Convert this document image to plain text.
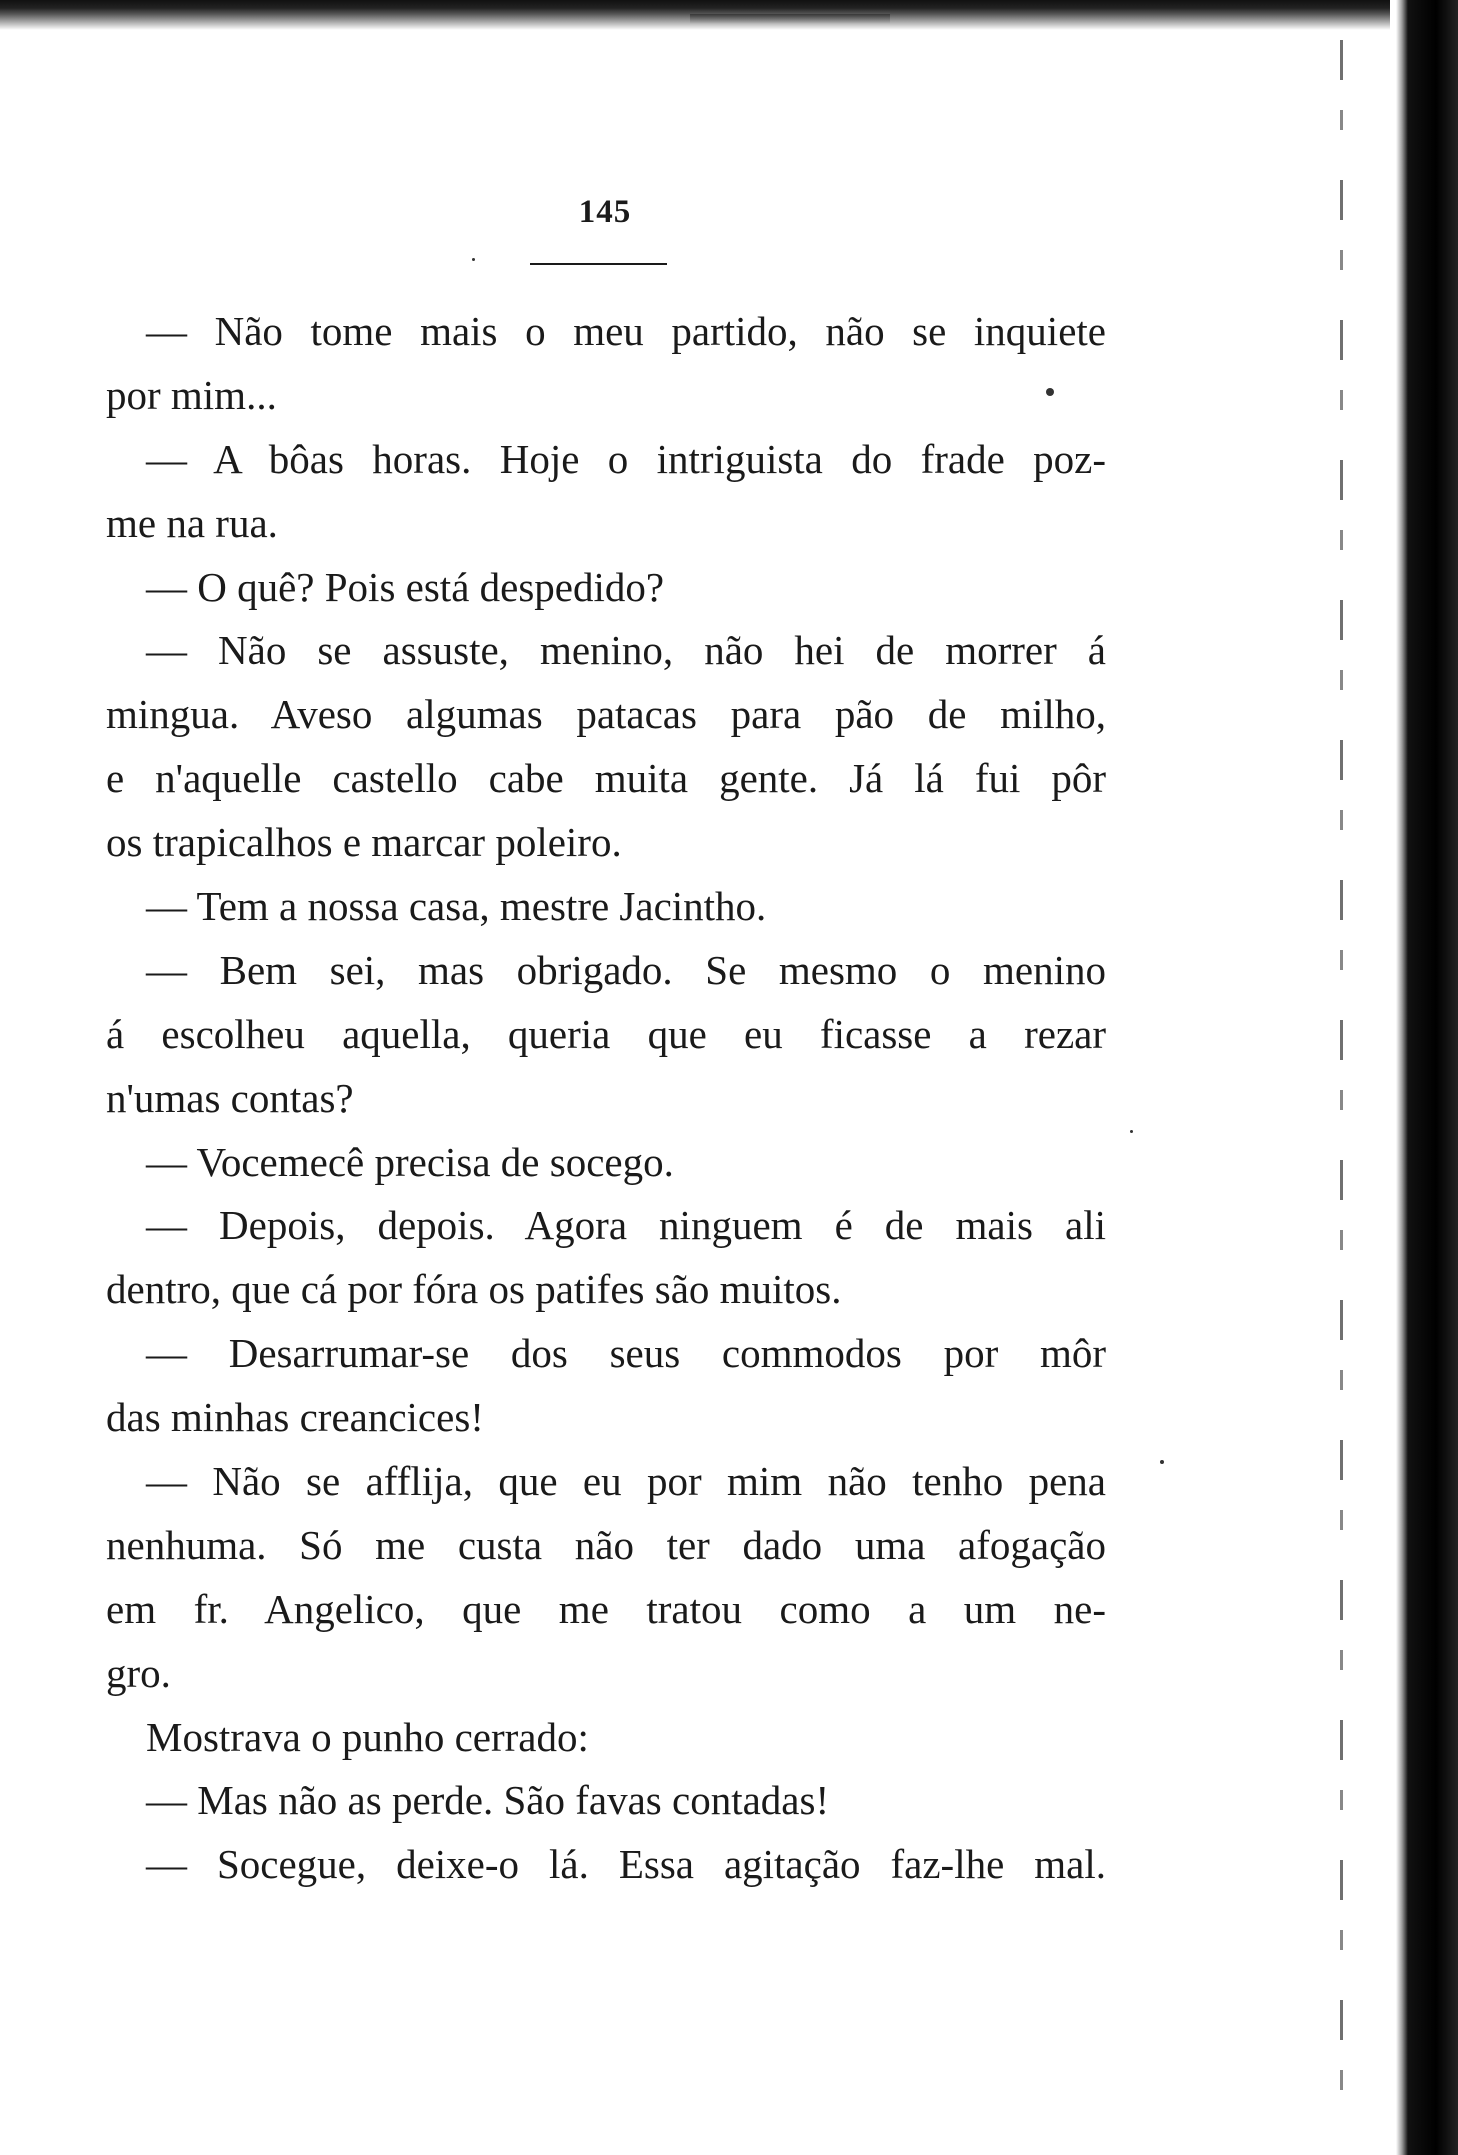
145
— Não tome mais o meu partido, não se inquiete
por mim...
— A bôas horas. Hoje o intriguista do frade poz-
me na rua.
— O quê? Pois está despedido?
— Não se assuste, menino, não hei de morrer á
mingua. Aveso algumas patacas para pão de milho,
e n'aquelle castello cabe muita gente. Já lá fui pôr
os trapicalhos e marcar poleiro.
— Tem a nossa casa, mestre Jacintho.
— Bem sei, mas obrigado. Se mesmo o menino
á escolheu aquella, queria que eu ficasse a rezar
n'umas contas?
— Vocemecê precisa de socego.
— Depois, depois. Agora ninguem é de mais ali
dentro, que cá por fóra os patifes são muitos.
— Desarrumar-se dos seus commodos por môr
das minhas creancices!
— Não se afflija, que eu por mim não tenho pena
nenhuma. Só me custa não ter dado uma afogação
em fr. Angelico, que me tratou como a um ne-
gro.
Mostrava o punho cerrado:
— Mas não as perde. São favas contadas!
— Socegue, deixe-o lá. Essa agitação faz-lhe mal.
